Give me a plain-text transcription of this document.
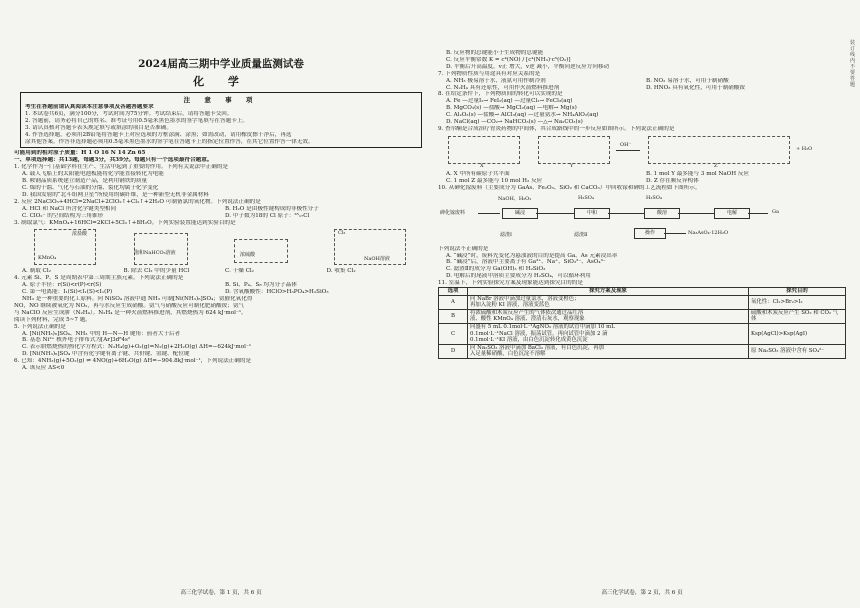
2024届高三期中学业质量监测试卷
化 学
注 意 事 项
考生在答题前请认真阅读本注意事项及各题答题要求
1. 本试卷共6页，满分100分，考试时间为75分钟。考试结束后，请将答题卡交回。
2. 答题前，请务必将自己的姓名、准考证号用0.5毫米黑色墨水的签字笔填写在答题卡上。
3. 请认真核对答题卡表头规定填写或填涂的项目是否准确。
4. 作答选择题，必须用2B铅笔将答题卡上对应选项的方框涂满、涂黑；如需改动，请用橡皮擦干净后，再选
涂其他答案。作答非选择题必须用0.5毫米黑色墨水的签字笔在答题卡上的指定位置作答，在其它位置作答一律无效。
可能用到的相对原子质量：H 1 O 16 N 14 Zn 65
一、单项选择题：共13题，每题3分，共39分。每题只有一个选项最符合题意。
1. 化学作为一门基础学科在生产、生活中起到了重要的作用。下列有关说法中正确的是
A. 载人飞船上的太阳能电池板能将化学能直接转化为电能
B. 鞍钢品质系统建立制造产品，是利用钢铁的质量
C. 煤的干馏、气化与石油的分馏、裂化均属于化学变化
D. 我国发射的“北斗组网卫星”所使用的碳纤维，是一种新型无机非金属材料
2. 反应 2NaClO₃+4HCl=2NaCl+2ClO₂↑+Cl₂↑+2H₂O 可制备氯的氧化物。下列说法正确的是
A. HCl 和 NaCl 所含化学键类型相同	B. H₂O 是由极性键构成的非极性分子
C. ClO₂⁻ 的空间结构为三角锥形	D. 中子数为18的 Cl 原子：³⁵₁₇Cl
3. 制取氯气：KMnO₄+16HCl=2KCl+5Cl₂↑+8H₂O。下列实验装置能达到实验目的是
浓盐酸
KMnO₄
饱和NaHCO₃溶液	浓硫酸
Cl₂
NaOH溶液
A. 制取 Cl₂	B. 除去 Cl₂ 中的少量 HCl	C. 干燥 Cl₂	D. 收集 Cl₂
4. 元素 Si、P、S 是周期表中第三周期主族元素。下列说法正确的是
A. 原子半径：r(Si)<r(P)<r(S)	B. Si、P₄、S₈ 均为分子晶体
C. 第一电离能：I₁(Si)<I₁(S)<I₁(P)	D. 含氧酸酸性：HClO>H₃PO₄>H₂SiO₃
NH₃ 是一种重要的化工原料。向 NiSO₄ 溶液中通 NH₃ 可制[Ni(NH₃)₆]SO₄；氨催化氧化得
NO，NO 继续被氧化为 NO₂，再与水反应生成硝酸。氨气与硝酸反应可制化肥硝酸铵；氨气
与 NaClO 反应生成肼（N₂H₄）。N₂H₄ 是一种火箭燃料推进剂，其燃烧热为 624 kJ·mol⁻¹。
阅读下列材料，完成 5~7 题。
5. 下列说法正确的是
A. [Ni(NH₃)₆]SO₄、NH₃ 中的 H—N—H 键角：前者大于后者
B. 基态 Ni²⁺ 核外电子排布式为[Ar]3d⁸4s²
C. 表示肼燃烧热的热化学方程式：N₂H₄(g)+O₂(g)=N₂(g)+2H₂O(g) ΔH=−624kJ·mol⁻¹
D. [Ni(NH₃)₆]SO₄ 中含有化学键有离子键、共价键、氢键、配位键
6. 已知：4NH₃(g)+5O₂(g) ⇌ 4NO(g)+6H₂O(g) ΔH=−904.8kJ·mol⁻¹，下列说法正确的是
A. 该反应 ΔS<0
高三化学试卷，第 1 页，共 6 页
B. 反应物的总键能小于生成物的总键能
C. 反应平衡常数 K = c⁴(NO) / [c⁴(NH₃)·c⁵(O₂)]
D. 平衡后升高温度，v正 增大，v逆 减小，平衡向逆反应方向移动
7. 下列物质性质与用途具有对应关系的是
A. NH₃ 极易溶于水，液氨可用作制冷剂	B. NO₂ 易溶于水，可用于制硝酸
C. N₂H₄ 具有还原性，可用作火箭燃料推进剂	D. HNO₃ 具有氧化性，可用于制硝酸铵
8. 在给定条件下，下列物质间的转化可以实现的是
A. Fe —过量I₂→ FeI₂(aq) —过量Cl₂→ FeCl₃(aq)
B. MgCO₃(s) —盐酸→ MgCl₂(aq) —电解→ Mg(s)
C. Al₂O₃(s) —盐酸→ AlCl₃(aq) —过量氨水→ NH₄AlO₂(aq)
D. NaCl(aq) —CO₂→ NaHCO₃(s) —△→ Na₂CO₃(s)
9. 查尔酮是合成治疗胃炎药物的中间体，其合成路线中的一步反应如图所示。下列说法正确的是
X	Y
OH⁻
Z
+ H₂O
A. X 中所有碳原子共平面	B. 1 mol Y 最多能与 3 mol NaOH 反应
C. 1 mol Z 最多能与 10 mol H₂ 反应	D. Z 存在顺反异构体
10. 从砷化镓废料（主要成分为 GaAs、Fe₂O₃、SiO₂ 和 CaCO₃）中回收镓和砷的工艺流程如下图所示。
砷化镓废料
NaOH、H₂O₂	H₂SO₄	H₂SO₄
碱浸	中和	酸溶	电解	Ga
滤渣Ⅰ	滤渣Ⅱ	操作	Na₃AsO₄·12H₂O
下列说法不正确的是
A. “碱浸”时，废料先变化为悬浊液的目的是提高 Ga、As 元素浸出率
B. “碱浸”后，溶液中主要离子有 Ga³⁺、Na⁺、SiO₃²⁻、AsO₄³⁻
C. 滤渣Ⅱ的成分为 Ga(OH)₃ 和 H₂SiO₃
D. 电解后的尾液中溶质主要成分为 H₂SO₄，可以循环利用
11. 室温下，下列实验探究方案及现象能达到探究目的的是
选项	探究方案及现象	探究目的
A	向 NaBr 溶液中滴加过量氯水，溶液变橙色；
再加入淀粉 KI 溶液，溶液变蓝色	氧化性：Cl₂>Br₂>I₂
B	将浓硫酸和木炭反应产生的气体依次通过品红溶
液、酸性 KMnO₄ 溶液、澄清石灰水，观察现象	硫酸和木炭反应产生 SO₂ 和 CO₂ 气体
C	向盛有 5 mL 0.1mol·L⁻¹AgNO₃ 溶液的试管中滴加 10 mL
0.1mol·L⁻¹NaCl 溶液，振荡试管，再向试管中滴加 2 滴
0.1mol·L⁻¹KI 溶液，由白色沉淀转化成黄色沉淀	Ksp(AgCl)>Ksp(AgI)
D	向 Na₂SO₃ 溶液中滴加 BaCl₂ 溶液，有白色沉淀，再加
入足量稀硝酸，白色沉淀不溶解	原 Na₂SO₃ 溶液中含有 SO₄²⁻
高三化学试卷，第 2 页，共 6 页
装订线内不要答题
